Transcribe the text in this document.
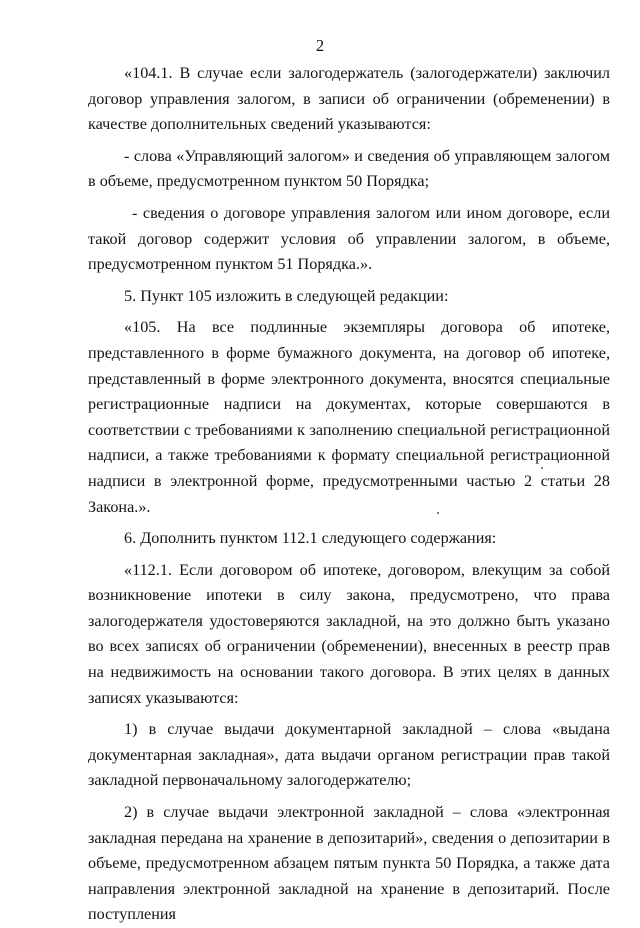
2

«104.1. В случае если залогодержатель (залогодержатели) заключил договор управления залогом, в записи об ограничении (обременении) в качестве дополнительных сведений указываются:

- слова «Управляющий залогом» и сведения об управляющем залогом в объеме, предусмотренном пунктом 50 Порядка;

- сведения о договоре управления залогом или ином договоре, если такой договор содержит условия об управлении залогом, в объеме, предусмотренном пунктом 51 Порядка.».

5. Пункт 105 изложить в следующей редакции:

«105. На все подлинные экземпляры договора об ипотеке, представленного в форме бумажного документа, на договор об ипотеке, представленный в форме электронного документа, вносятся специальные регистрационные надписи на документах, которые совершаются в соответствии с требованиями к заполнению специальной регистрационной надписи, а также требованиями к формату специальной регистрационной надписи в электронной форме, предусмотренными частью 2 статьи 28 Закона.».

6. Дополнить пунктом 112.1 следующего содержания:

«112.1. Если договором об ипотеке, договором, влекущим за собой возникновение ипотеки в силу закона, предусмотрено, что права залогодержателя удостоверяются закладной, на это должно быть указано во всех записях об ограничении (обременении), внесенных в реестр прав на недвижимость на основании такого договора. В этих целях в данных записях указываются:

1) в случае выдачи документарной закладной – слова «выдана документарная закладная», дата выдачи органом регистрации прав такой закладной первоначальному залогодержателю;

2) в случае выдачи электронной закладной – слова «электронная закладная передана на хранение в депозитарий», сведения о депозитарии в объеме, предусмотренном абзацем пятым пункта 50 Порядка, а также дата направления электронной закладной на хранение в депозитарий. После поступления
